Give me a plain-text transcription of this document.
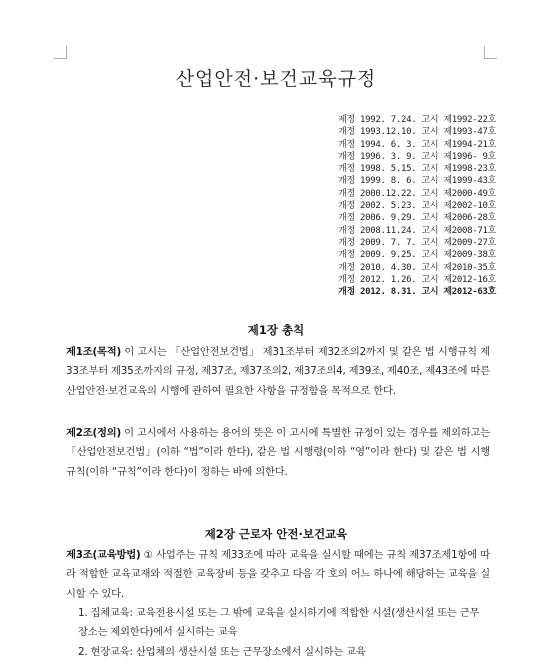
산업안전·보건교육규정
제정 1992. 7.24. 고시 제1992-22호
개정 1993.12.10. 고시 제1993-47호
개정 1994. 6. 3. 고시 제1994-21호
개정 1996. 3. 9. 고시 제1996- 9호
개정 1998. 5.15. 고시 제1998-23호
개정 1999. 8. 6. 고시 제1999-43호
개정 2000.12.22. 고시 제2000-49호
개정 2002. 5.23. 고시 제2002-10호
개정 2006. 9.29. 고시 제2006-28호
개정 2008.11.24. 고시 제2008-71호
개정 2009. 7. 7. 고시 제2009-27호
개정 2009. 9.25. 고시 제2009-38호
개정 2010. 4.30. 고시 제2010-35호
개정 2012. 1.26. 고시 제2012-16호
개정 2012. 8.31. 고시 제2012-63호
제1장 총칙
제1조(목적) 이 고시는 「산업안전보건법」 제31조부터 제32조의2까지 및 같은 법 시행규칙 제33조부터 제35조까지의 규정, 제37조, 제37조의2, 제37조의4, 제39조, 제40조, 제43조에 따른 산업안전·보건교육의 시행에 관하여 필요한 사항을 규정함을 목적으로 한다.
제2조(정의) 이 고시에서 사용하는 용어의 뜻은 이 고시에 특별한 규정이 있는 경우를 제외하고는 「산업안전보건법」(이하 “법”이라 한다), 같은 법 시행령(이하 “영”이라 한다) 및 같은 법 시행규칙(이하 “규칙”이라 한다)이 정하는 바에 의한다.
제2장 근로자 안전·보건교육
제3조(교육방법) ① 사업주는 규칙 제33조에 따라 교육을 실시할 때에는 규칙 제37조제1항에 따라 적합한 교육교재와 적절한 교육장비 등을 갖추고 다음 각 호의 어느 하나에 해당하는 교육을 실시할 수 있다.
1. 집체교육: 교육전용시설 또는 그 밖에 교육을 실시하기에 적합한 시설(생산시설 또는 근무 장소는 제외한다)에서 실시하는 교육
2. 현장교육: 산업체의 생산시설 또는 근무장소에서 실시하는 교육
